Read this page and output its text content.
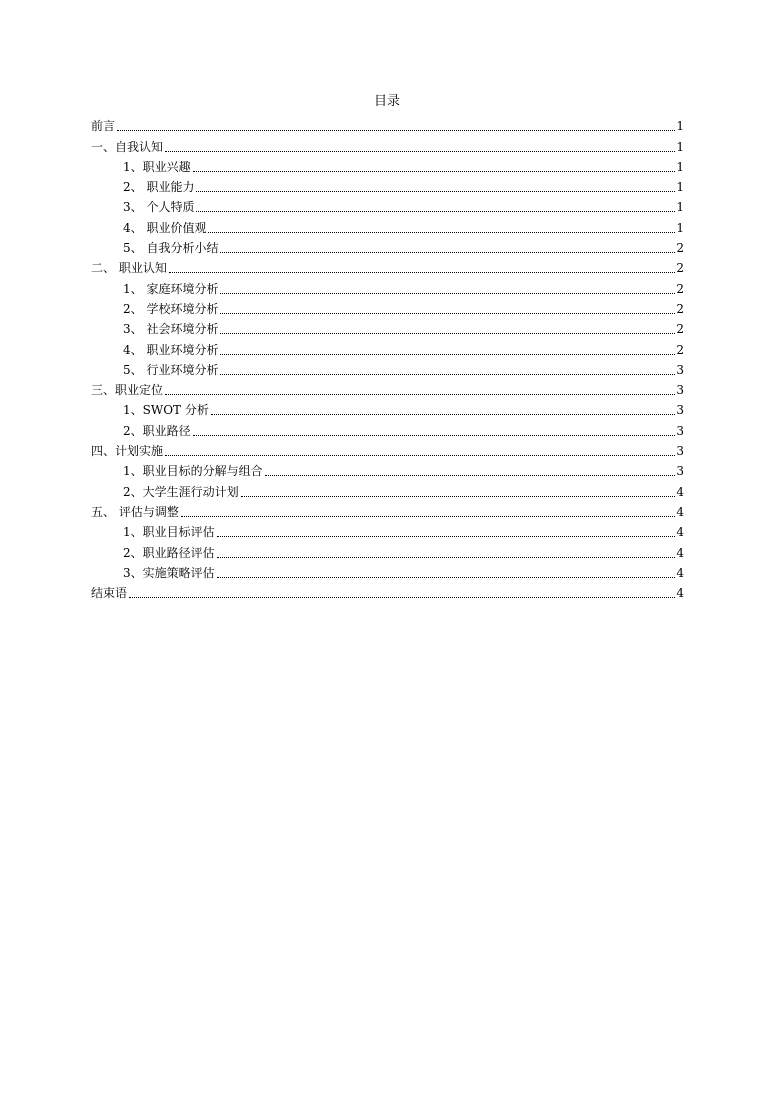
目录
前言	1
一、自我认知	1
1、职业兴趣	1
2、 职业能力	1
3、 个人特质	1
4、 职业价值观	1
5、 自我分析小结	2
二、 职业认知	2
1、 家庭环境分析	2
2、 学校环境分析	2
3、 社会环境分析	2
4、 职业环境分析	2
5、 行业环境分析	3
三、职业定位	3
1、SWOT 分析	3
2、职业路径	3
四、计划实施	3
1、职业目标的分解与组合	3
2、大学生涯行动计划	4
五、 评估与调整	4
1、职业目标评估	4
2、职业路径评估	4
3、实施策略评估	4
结束语	4
